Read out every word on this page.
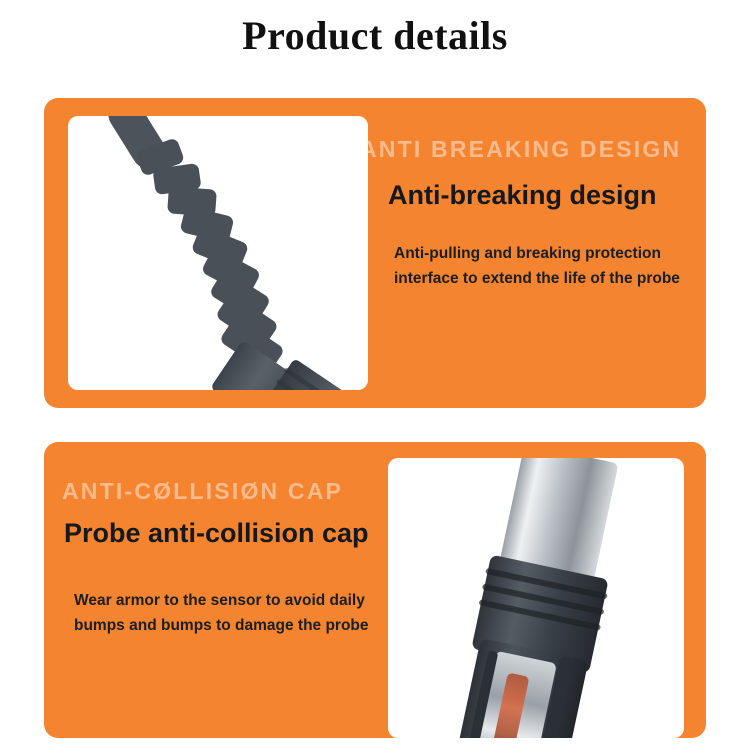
Product details
ANTI BREAKING DESIGN
Anti-breaking design
Anti-pulling and breaking protection interface to extend the life of the probe
ANTI-CØLLISIØN CAP
Probe anti-collision cap
Wear armor to the sensor to avoid daily bumps and bumps to damage the probe
